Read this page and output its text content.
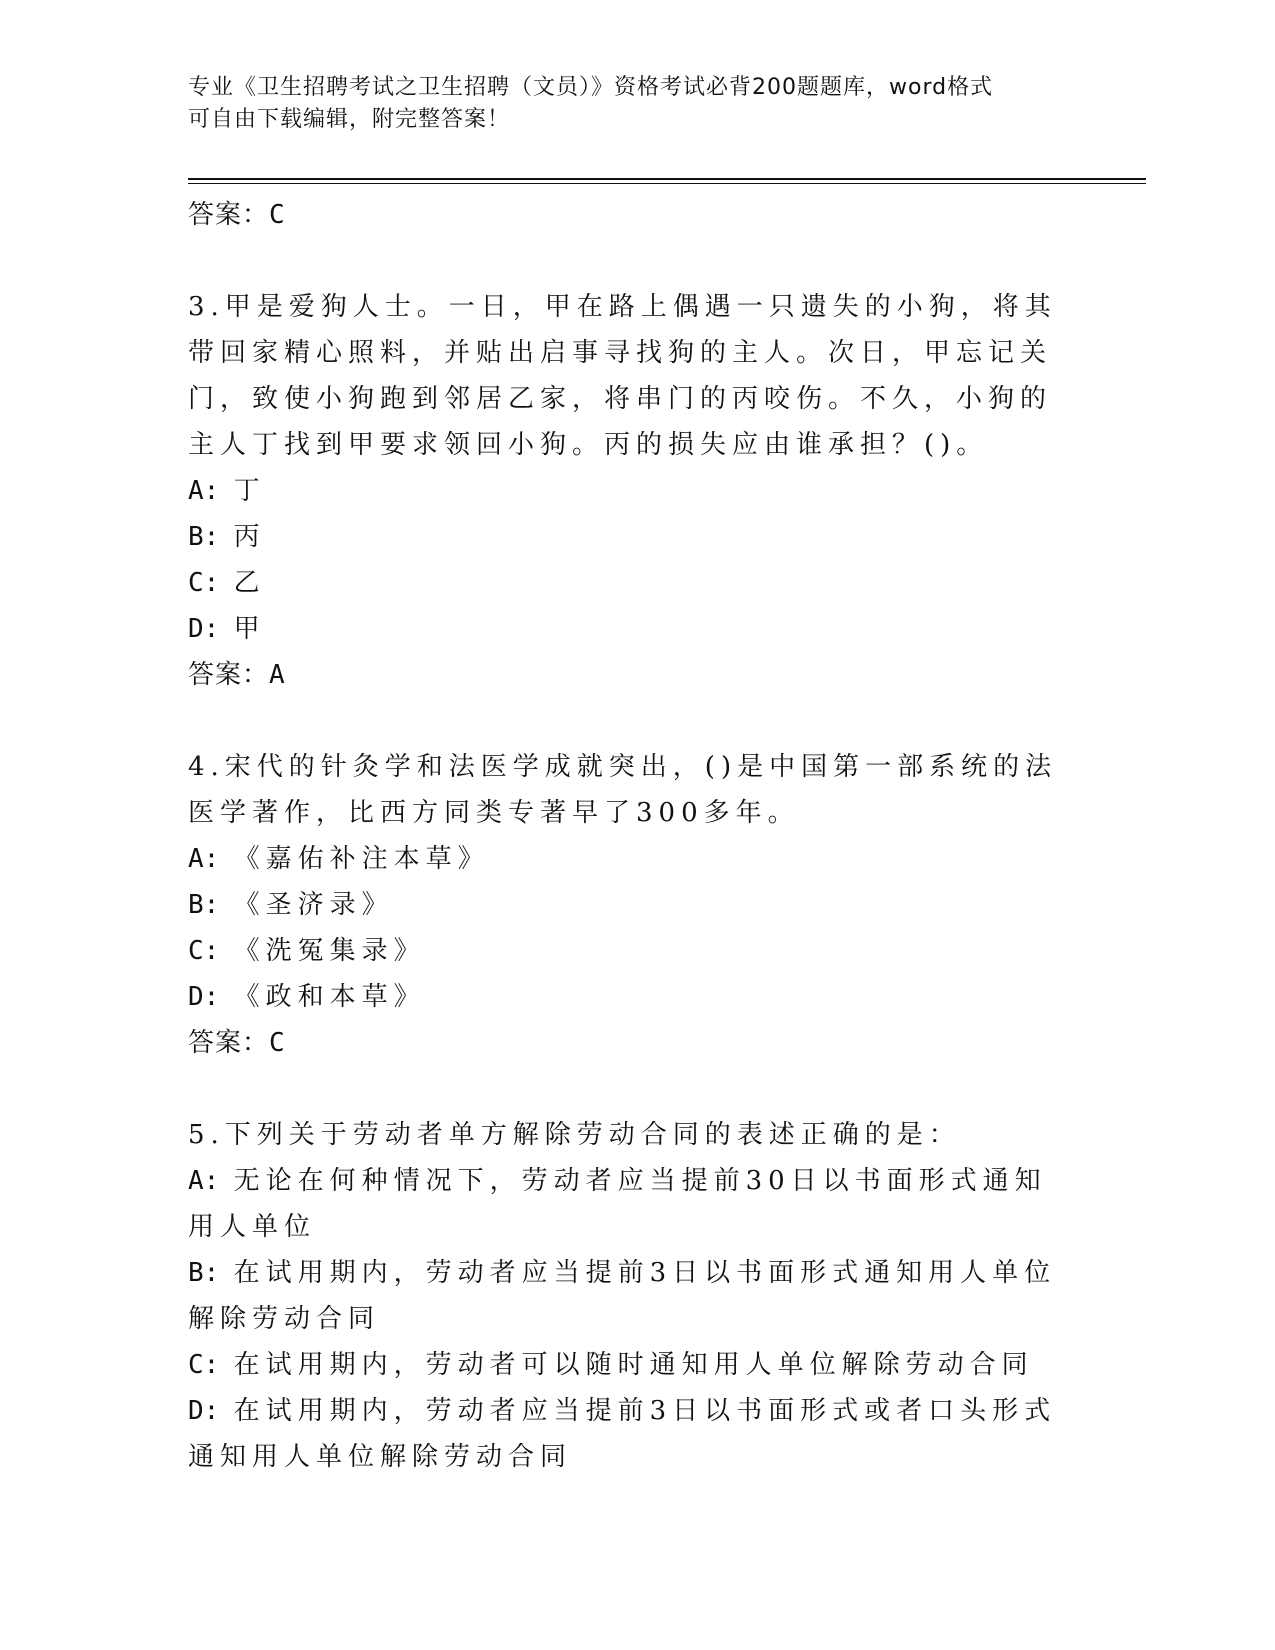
专业《卫生招聘考试之卫生招聘（文员）》资格考试必背200题题库，word格式
可自由下载编辑，附完整答案！
答案：C

3.甲是爱狗人士。一日，甲在路上偶遇一只遗失的小狗，将其带回家精心照料，并贴出启事寻找狗的主人。次日，甲忘记关门，致使小狗跑到邻居乙家，将串门的丙咬伤。不久，小狗的主人丁找到甲要求领回小狗。丙的损失应由谁承担？()。

A: 丁

B: 丙

C: 乙

D: 甲

答案：A

4.宋代的针灸学和法医学成就突出，()是中国第一部系统的法医学著作，比西方同类专著早了300多年。

A: 《嘉佑补注本草》

B: 《圣济录》

C: 《洗冤集录》

D: 《政和本草》

答案：C

5.下列关于劳动者单方解除劳动合同的表述正确的是：

A: 无论在何种情况下，劳动者应当提前30日以书面形式通知用人单位

B: 在试用期内，劳动者应当提前3日以书面形式通知用人单位解除劳动合同

C: 在试用期内，劳动者可以随时通知用人单位解除劳动合同

D: 在试用期内，劳动者应当提前3日以书面形式或者口头形式通知用人单位解除劳动合同
